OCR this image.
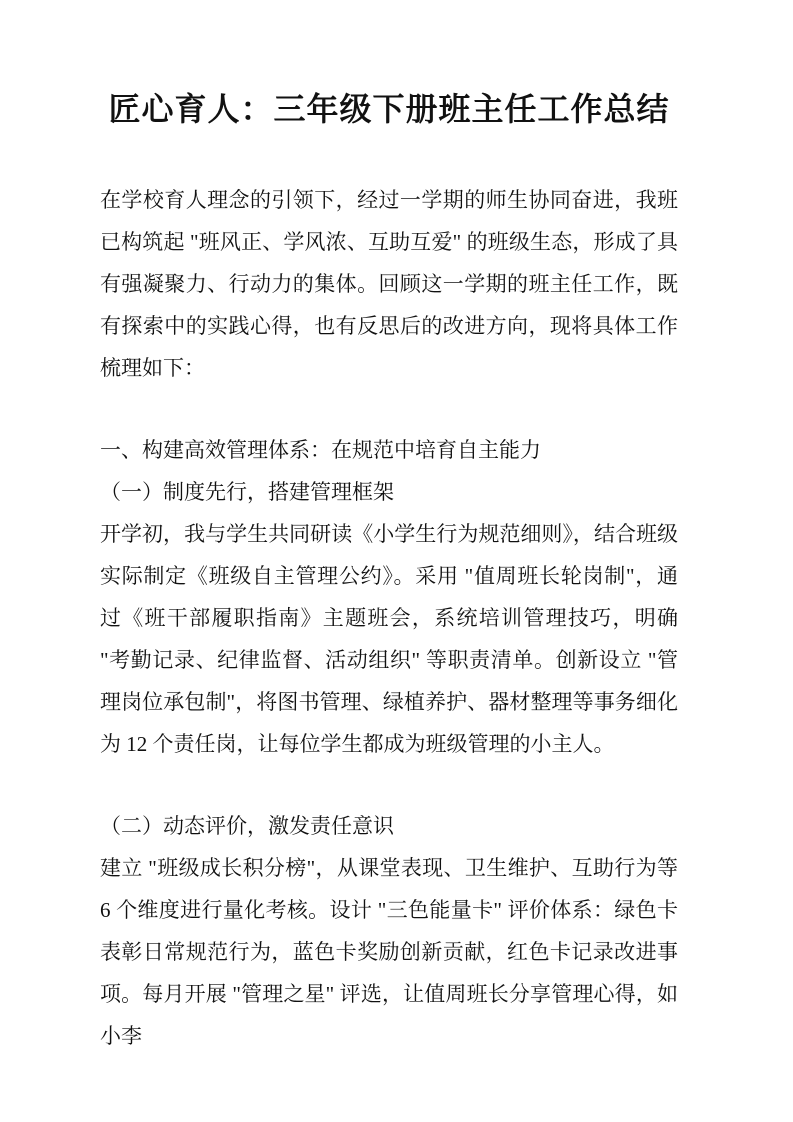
匠心育人：三年级下册班主任工作总结

在学校育人理念的引领下，经过一学期的师生协同奋进，我班已构筑起 "班风正、学风浓、互助互爱" 的班级生态，形成了具有强凝聚力、行动力的集体。回顾这一学期的班主任工作，既有探索中的实践心得，也有反思后的改进方向，现将具体工作梳理如下：

一、构建高效管理体系：在规范中培育自主能力

（一）制度先行，搭建管理框架

开学初，我与学生共同研读《小学生行为规范细则》，结合班级实际制定《班级自主管理公约》。采用 "值周班长轮岗制"，通过《班干部履职指南》主题班会，系统培训管理技巧，明确 "考勤记录、纪律监督、活动组织" 等职责清单。创新设立 "管理岗位承包制"，将图书管理、绿植养护、器材整理等事务细化为 12 个责任岗，让每位学生都成为班级管理的小主人。

（二）动态评价，激发责任意识

建立 "班级成长积分榜"，从课堂表现、卫生维护、互助行为等 6 个维度进行量化考核。设计 "三色能量卡" 评价体系：绿色卡表彰日常规范行为，蓝色卡奖励创新贡献，红色卡记录改进事项。每月开展 "管理之星" 评选，让值周班长分享管理心得，如小李
